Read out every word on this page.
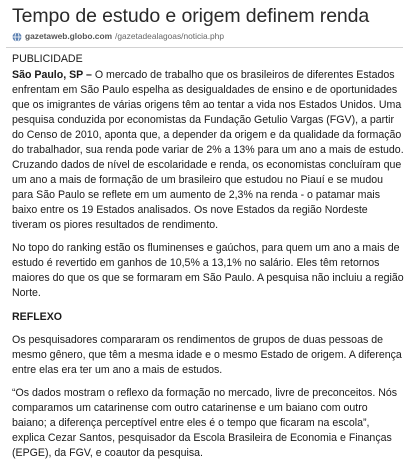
Tempo de estudo e origem definem renda
gazetaweb.globo.com /gazetadealagoas/noticia.php

PUBLICIDADE

São Paulo, SP – O mercado de trabalho que os brasileiros de diferentes Estados enfrentam em São Paulo espelha as desigualdades de ensino e de oportunidades que os imigrantes de várias origens têm ao tentar a vida nos Estados Unidos. Uma pesquisa conduzida por economistas da Fundação Getulio Vargas (FGV), a partir do Censo de 2010, aponta que, a depender da origem e da qualidade da formação do trabalhador, sua renda pode variar de 2% a 13% para um ano a mais de estudo.

Cruzando dados de nível de escolaridade e renda, os economistas concluíram que um ano a mais de formação de um brasileiro que estudou no Piauí e se mudou para São Paulo se reflete em um aumento de 2,3% na renda - o patamar mais baixo entre os 19 Estados analisados. Os nove Estados da região Nordeste tiveram os piores resultados de rendimento.

No topo do ranking estão os fluminenses e gaúchos, para quem um ano a mais de estudo é revertido em ganhos de 10,5% a 13,1% no salário. Eles têm retornos maiores do que os que se formaram em São Paulo. A pesquisa não incluiu a região Norte.

REFLEXO

Os pesquisadores compararam os rendimentos de grupos de duas pessoas de mesmo gênero, que têm a mesma idade e o mesmo Estado de origem. A diferença entre elas era ter um ano a mais de estudos.

“Os dados mostram o reflexo da formação no mercado, livre de preconceitos. Nós comparamos um catarinense com outro catarinense e um baiano com outro baiano; a diferença perceptível entre eles é o tempo que ficaram na escola”, explica Cezar Santos, pesquisador da Escola Brasileira de Economia e Finanças (EPGE), da FGV, e coautor da pesquisa.
